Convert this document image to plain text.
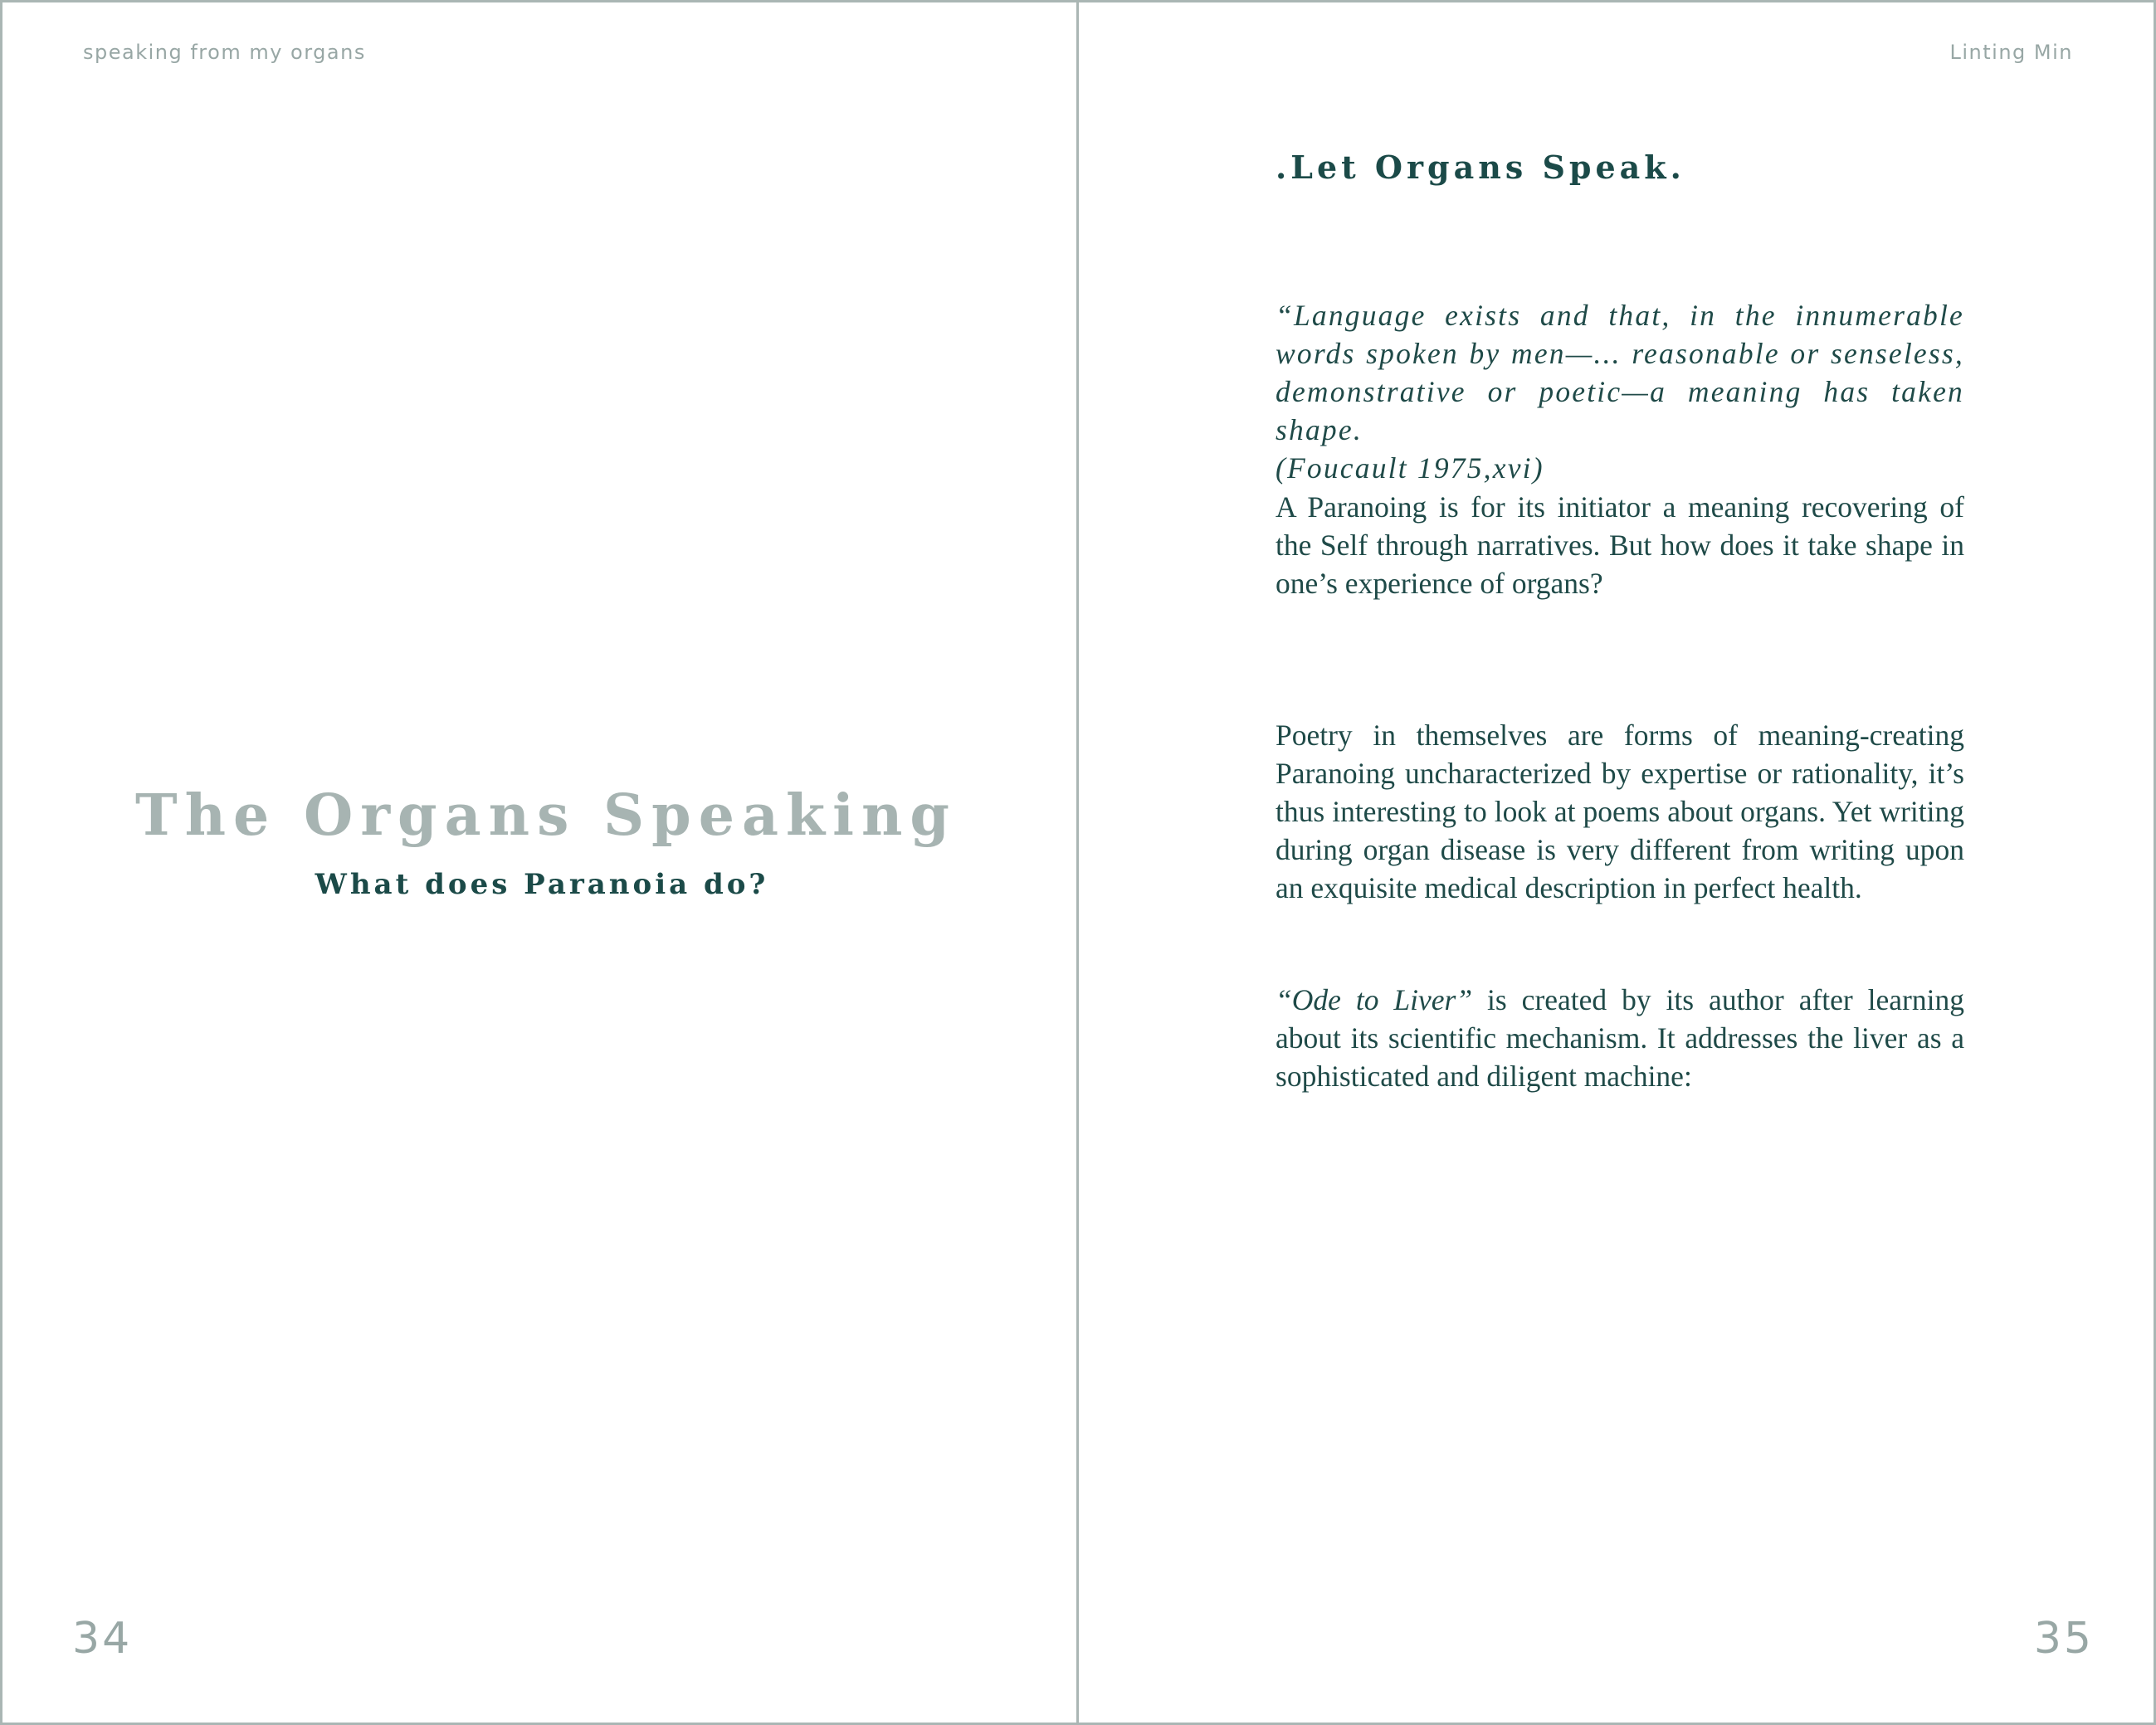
speaking from my organs
The Organs Speaking
What does Paranoia do?
34
Linting Min
.Let Organs Speak.

“Language exists and that, in the innumerable words spoken by men—... reasonable or senseless, demonstrative or poetic—a meaning has taken shape.
(Foucault 1975,xvi)

A Paranoing is for its initiator a meaning recovering of the Self through narratives. But how does it take shape in one’s experience of organs?

Poetry in themselves are forms of meaning-creating Paranoing uncharacterized by expertise or rationality, it’s thus interesting to look at poems about organs. Yet writing during organ disease is very different from writing upon an exquisite medical description in perfect health.

“Ode to Liver” is created by its author after learning about its scientific mechanism. It addresses the liver as a sophisticated and diligent machine:

35
